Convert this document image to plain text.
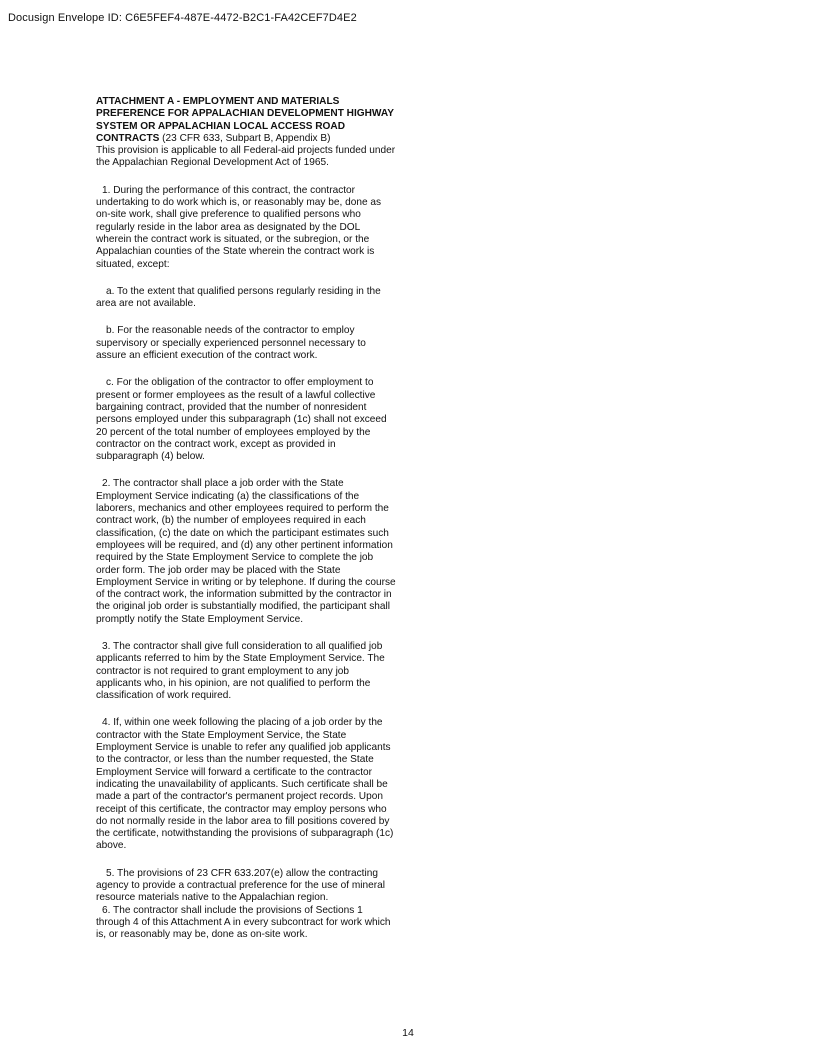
Docusign Envelope ID: C6E5FEF4-487E-4472-B2C1-FA42CEF7D4E2
ATTACHMENT A - EMPLOYMENT AND MATERIALS PREFERENCE FOR APPALACHIAN DEVELOPMENT HIGHWAY SYSTEM OR APPALACHIAN LOCAL ACCESS ROAD CONTRACTS (23 CFR 633, Subpart B, Appendix B)
This provision is applicable to all Federal-aid projects funded under the Appalachian Regional Development Act of 1965.

1. During the performance of this contract, the contractor undertaking to do work which is, or reasonably may be, done as on-site work, shall give preference to qualified persons who regularly reside in the labor area as designated by the DOL wherein the contract work is situated, or the subregion, or the Appalachian counties of the State wherein the contract work is situated, except:

a. To the extent that qualified persons regularly residing in the area are not available.

b. For the reasonable needs of the contractor to employ supervisory or specially experienced personnel necessary to assure an efficient execution of the contract work.

c. For the obligation of the contractor to offer employment to present or former employees as the result of a lawful collective bargaining contract, provided that the number of nonresident persons employed under this subparagraph (1c) shall not exceed 20 percent of the total number of employees employed by the contractor on the contract work, except as provided in subparagraph (4) below.

2. The contractor shall place a job order with the State Employment Service indicating (a) the classifications of the laborers, mechanics and other employees required to perform the contract work, (b) the number of employees required in each classification, (c) the date on which the participant estimates such employees will be required, and (d) any other pertinent information required by the State Employment Service to complete the job order form. The job order may be placed with the State Employment Service in writing or by telephone. If during the course of the contract work, the information submitted by the contractor in the original job order is substantially modified, the participant shall promptly notify the State Employment Service.

3. The contractor shall give full consideration to all qualified job applicants referred to him by the State Employment Service. The contractor is not required to grant employment to any job applicants who, in his opinion, are not qualified to perform the classification of work required.

4. If, within one week following the placing of a job order by the contractor with the State Employment Service, the State Employment Service is unable to refer any qualified job applicants to the contractor, or less than the number requested, the State Employment Service will forward a certificate to the contractor indicating the unavailability of applicants. Such certificate shall be made a part of the contractor's permanent project records. Upon receipt of this certificate, the contractor may employ persons who do not normally reside in the labor area to fill positions covered by the certificate, notwithstanding the provisions of subparagraph (1c) above.

5. The provisions of 23 CFR 633.207(e) allow the contracting agency to provide a contractual preference for the use of mineral resource materials native to the Appalachian region.

6. The contractor shall include the provisions of Sections 1 through 4 of this Attachment A in every subcontract for work which is, or reasonably may be, done as on-site work.

14
